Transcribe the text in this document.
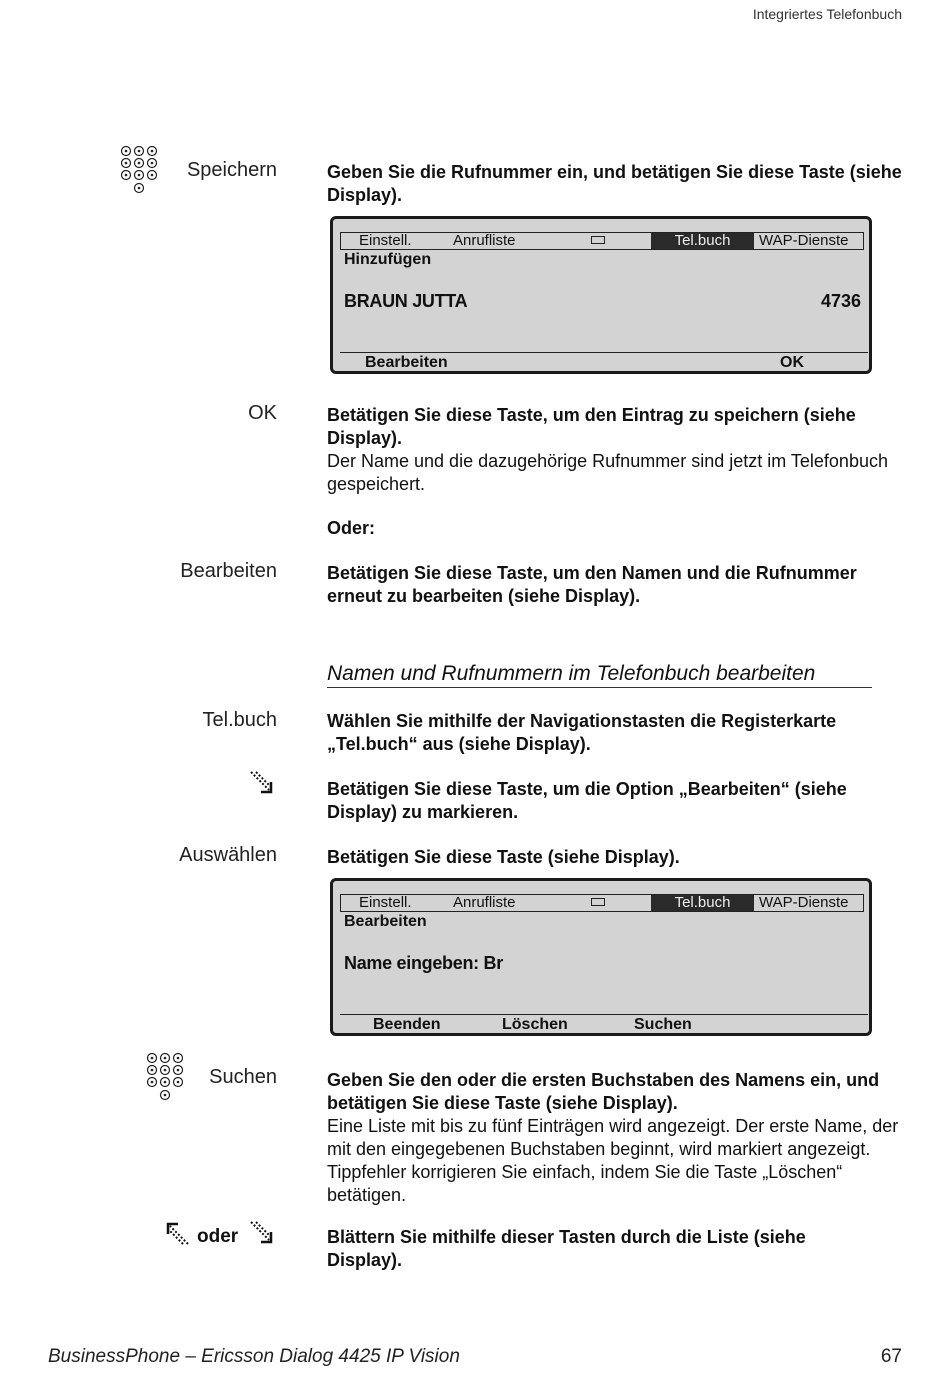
Integriertes Telefonbuch
Speichern	Geben Sie die Rufnummer ein, und betätigen Sie diese Taste (siehe Display).
Einstell.	Anrufliste	Tel.buch	WAP-Dienste
Hinzufügen
BRAUN JUTTA	4736
Bearbeiten	OK
OK	Betätigen Sie diese Taste, um den Eintrag zu speichern (siehe Display).
Der Name und die dazugehörige Rufnummer sind jetzt im Telefonbuch gespeichert.
Oder:
Bearbeiten	Betätigen Sie diese Taste, um den Namen und die Rufnummer erneut zu bearbeiten (siehe Display).
Namen und Rufnummern im Telefonbuch bearbeiten
Tel.buch	Wählen Sie mithilfe der Navigationstasten die Registerkarte „Tel.buch“ aus (siehe Display).
Betätigen Sie diese Taste, um die Option „Bearbeiten“ (siehe Display) zu markieren.
Auswählen	Betätigen Sie diese Taste (siehe Display).
Einstell.	Anrufliste	Tel.buch	WAP-Dienste
Bearbeiten
Name eingeben: Br
Beenden	Löschen	Suchen
Suchen	Geben Sie den oder die ersten Buchstaben des Namens ein, und betätigen Sie diese Taste (siehe Display).
Eine Liste mit bis zu fünf Einträgen wird angezeigt. Der erste Name, der mit den eingegebenen Buchstaben beginnt, wird markiert angezeigt. Tippfehler korrigieren Sie einfach, indem Sie die Taste „Löschen“ betätigen.
oder	Blättern Sie mithilfe dieser Tasten durch die Liste (siehe Display).
BusinessPhone – Ericsson Dialog 4425 IP Vision	67
